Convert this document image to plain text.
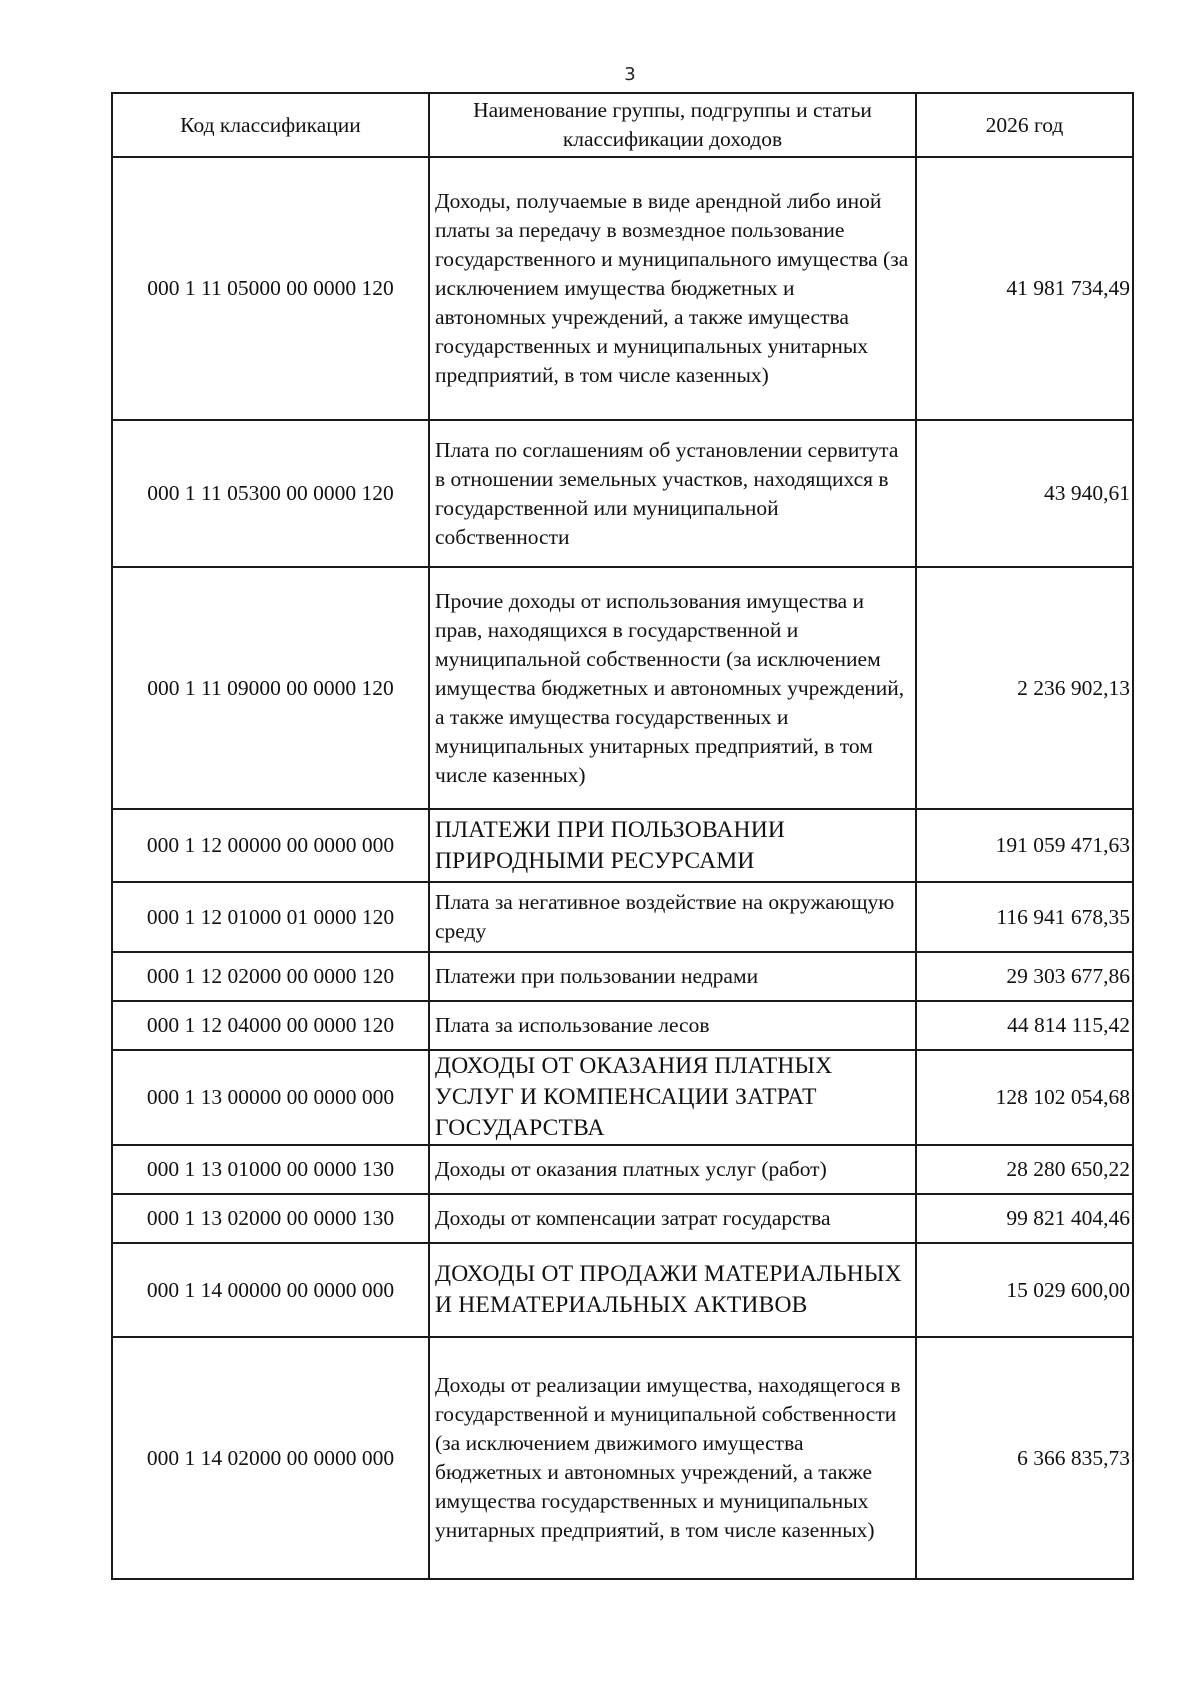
3
Код классификации	Наименование группы, подгруппы и статьи классификации доходов	2026 год
000 1 11 05000 00 0000 120	Доходы, получаемые в виде арендной либо иной платы за передачу в возмездное пользование государственного и муниципального имущества (за исключением имущества бюджетных и автономных учреждений, а также имущества государственных и муниципальных унитарных предприятий, в том числе казенных)	41 981 734,49
000 1 11 05300 00 0000 120	Плата по соглашениям об установлении сервитута в отношении земельных участков, находящихся в государственной или муниципальной собственности	43 940,61
000 1 11 09000 00 0000 120	Прочие доходы от использования имущества и прав, находящихся в государственной и муниципальной собственности (за исключением имущества бюджетных и автономных учреждений, а также имущества государственных и муниципальных унитарных предприятий, в том числе казенных)	2 236 902,13
000 1 12 00000 00 0000 000	ПЛАТЕЖИ ПРИ ПОЛЬЗОВАНИИ ПРИРОДНЫМИ РЕСУРСАМИ	191 059 471,63
000 1 12 01000 01 0000 120	Плата за негативное воздействие на окружающую среду	116 941 678,35
000 1 12 02000 00 0000 120	Платежи при пользовании недрами	29 303 677,86
000 1 12 04000 00 0000 120	Плата за использование лесов	44 814 115,42
000 1 13 00000 00 0000 000	ДОХОДЫ ОТ ОКАЗАНИЯ ПЛАТНЫХ УСЛУГ И КОМПЕНСАЦИИ ЗАТРАТ ГОСУДАРСТВА	128 102 054,68
000 1 13 01000 00 0000 130	Доходы от оказания платных услуг (работ)	28 280 650,22
000 1 13 02000 00 0000 130	Доходы от компенсации затрат государства	99 821 404,46
000 1 14 00000 00 0000 000	ДОХОДЫ ОТ ПРОДАЖИ МАТЕРИАЛЬНЫХ И НЕМАТЕРИАЛЬНЫХ АКТИВОВ	15 029 600,00
000 1 14 02000 00 0000 000	Доходы от реализации имущества, находящегося в государственной и муниципальной собственности (за исключением движимого имущества бюджетных и автономных учреждений, а также имущества государственных и муниципальных унитарных предприятий, в том числе казенных)	6 366 835,73
